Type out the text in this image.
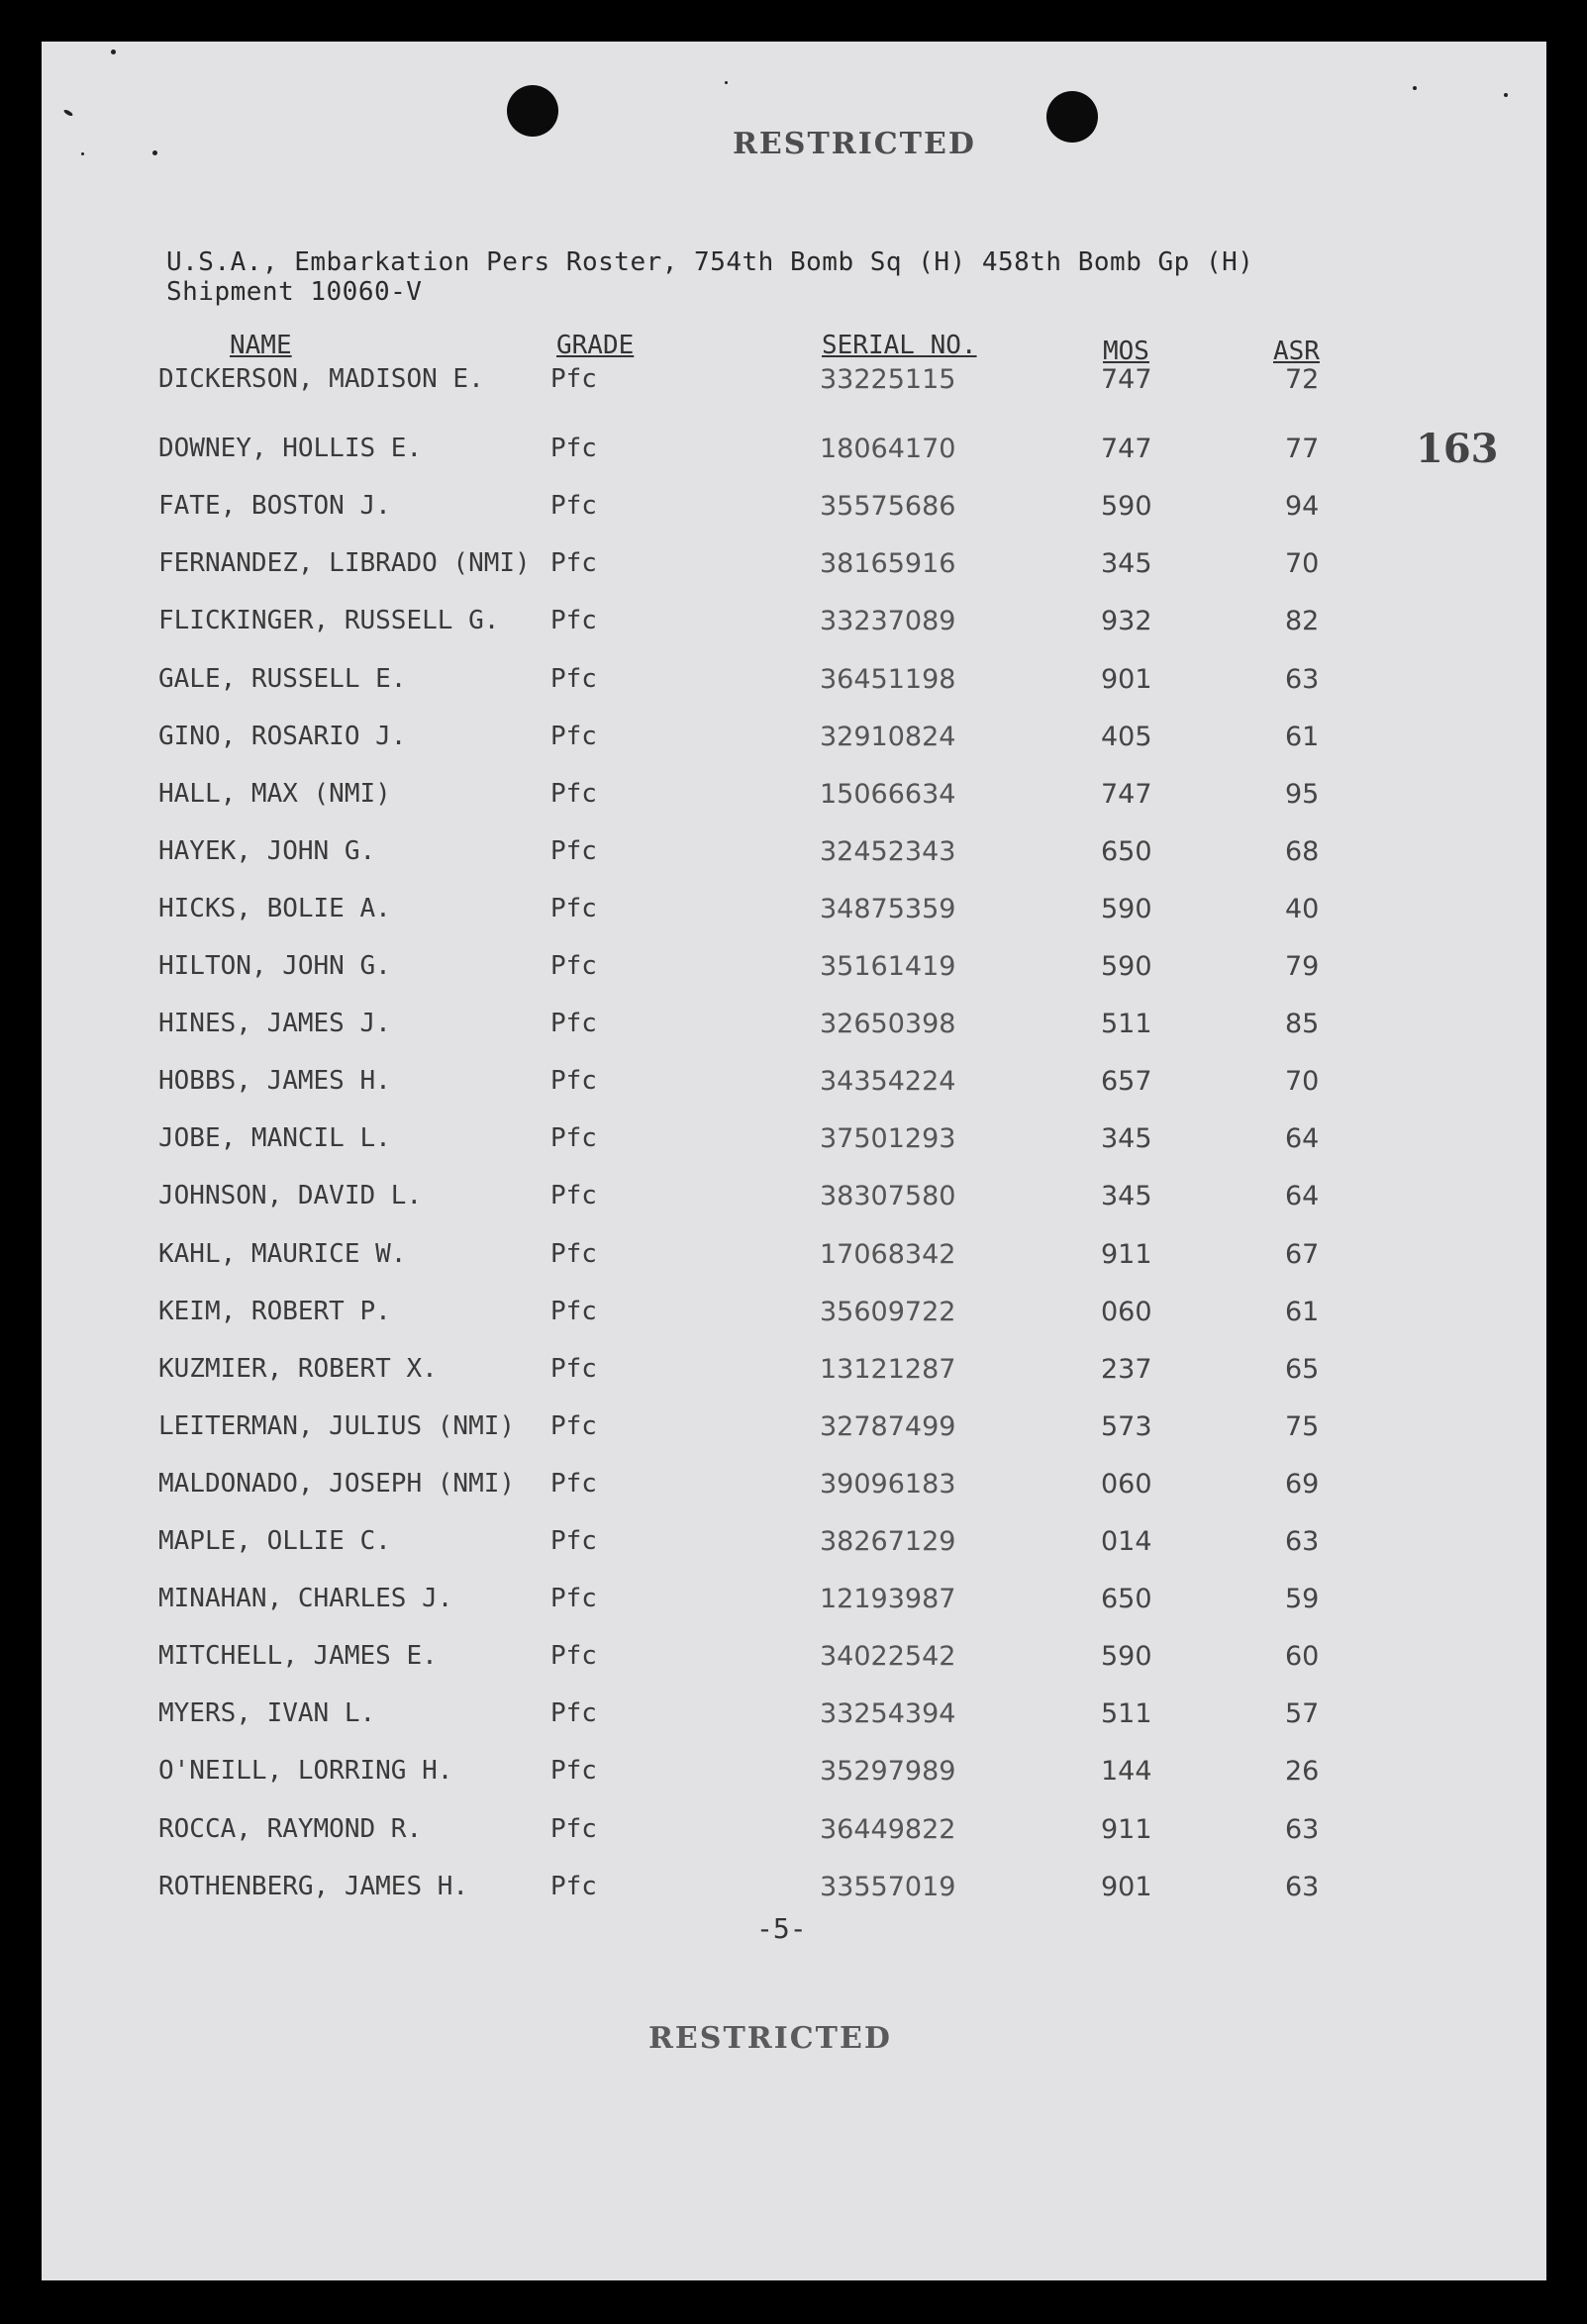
RESTRICTED
U.S.A., Embarkation Pers Roster, 754th Bomb Sq (H) 458th Bomb Gp (H)
Shipment 10060-V
NAME	GRADE	SERIAL NO.	MOS	ASR
163
DICKERSON, MADISON E.	Pfc	33225115	747	72
DOWNEY, HOLLIS E.	Pfc	18064170	747	77
FATE, BOSTON J.	Pfc	35575686	590	94
FERNANDEZ, LIBRADO (NMI) Pfc	38165916	345	70
FLICKINGER, RUSSELL G. Pfc	33237089	932	82
GALE, RUSSELL E.	Pfc	36451198	901	63
GINO, ROSARIO J.	Pfc	32910824	405	61
HALL, MAX (NMI)	Pfc	15066634	747	95
HAYEK, JOHN G.	Pfc	32452343	650	68
HICKS, BOLIE A.	Pfc	34875359	590	40
HILTON, JOHN G.	Pfc	35161419	590	79
HINES, JAMES J.	Pfc	32650398	511	85
HOBBS, JAMES H.	Pfc	34354224	657	70
JOBE, MANCIL L.	Pfc	37501293	345	64
JOHNSON, DAVID L.	Pfc	38307580	345	64
KAHL, MAURICE W.	Pfc	17068342	911	67
KEIM, ROBERT P.	Pfc	35609722	060	61
KUZMIER, ROBERT X.	Pfc	13121287	237	65
LEITERMAN, JULIUS (NMI) Pfc	32787499	573	75
MALDONADO, JOSEPH (NMI) Pfc	39096183	060	69
MAPLE, OLLIE C.	Pfc	38267129	014	63
MINAHAN, CHARLES J.	Pfc	12193987	650	59
MITCHELL, JAMES E.	Pfc	34022542	590	60
MYERS, IVAN L.	Pfc	33254394	511	57
O'NEILL, LORRING H.	Pfc	35297989	144	26
ROCCA, RAYMOND R.	Pfc	36449822	911	63
ROTHENBERG, JAMES H.	Pfc	33557019	901	63
-5-
RESTRICTED
